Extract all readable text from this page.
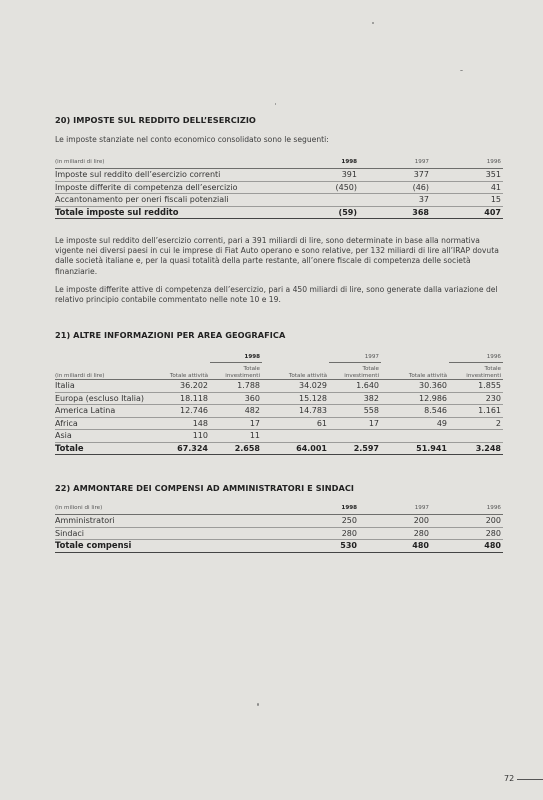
20) IMPOSTE SUL REDDITO DELL’ESERCIZIO

Le imposte stanziate nel conto economico consolidato sono le seguenti:

(in miliardi di lire)	1998	1997	1996
Imposte sul reddito dell’esercizio correnti	391	377	351
Imposte differite di competenza dell’esercizio	(450)	(46)	41
Accantonamento per oneri fiscali potenziali		37	15
Totale imposte sul reddito	(59)	368	407

Le imposte sul reddito dell’esercizio correnti, pari a 391 miliardi di lire, sono determinate in base alla normativa vigente nei diversi paesi in cui le imprese di Fiat Auto operano e sono relative, per 132 miliardi di lire all’IRAP dovuta dalle società italiane e, per la quasi totalità della parte restante, all’onere fiscale di competenza delle società finanziarie.

Le imposte differite attive di competenza dell’esercizio, pari a 450 miliardi di lire, sono generate dalla variazione del relativo principio contabile commentato nelle note 10 e 19.

21) ALTRE INFORMAZIONI PER AREA GEOGRAFICA
		1998		1997		1996
(in miliardi di lire)	Totale attività	Totale investimenti	Totale attività	Totale investimenti	Totale attività	Totale investimenti
Italia	36.202	1.788	34.029	1.640	30.360	1.855
Europa (escluso Italia)	18.118	360	15.128	382	12.986	230
America Latina	12.746	482	14.783	558	8.546	1.161
Africa	148	17	61	17	49	2
Asia	110	11				
Totale	67.324	2.658	64.001	2.597	51.941	3.248
22) AMMONTARE DEI COMPENSI AD AMMINISTRATORI E SINDACI
(in milioni di lire)	1998	1997	1996
Amministratori	250	200	200
Sindaci	280	280	280
Totale compensi	530	480	480
72
